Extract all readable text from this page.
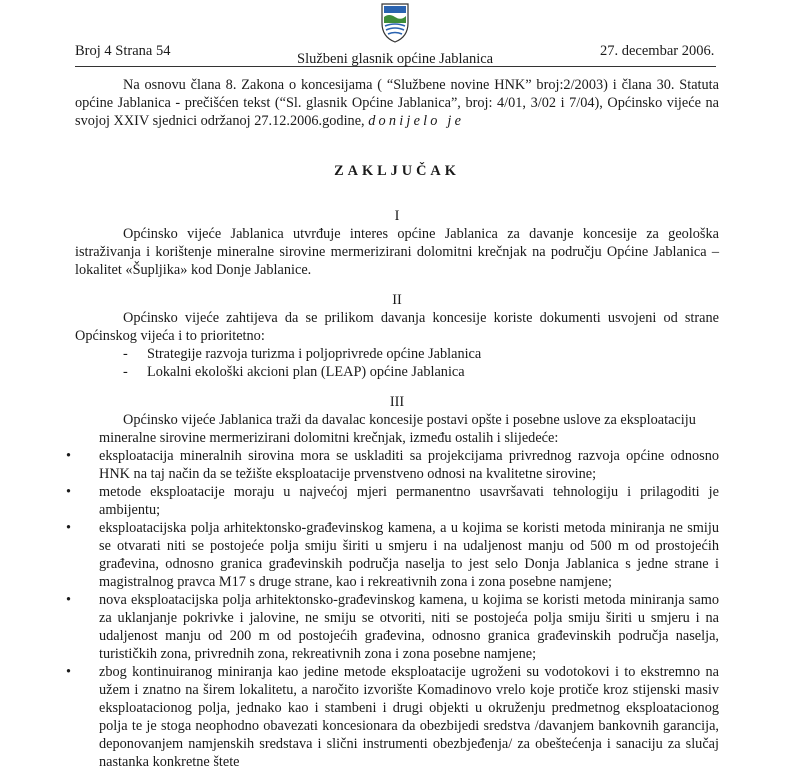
Broj 4 Strana 54	Službeni glasnik općine Jablanica	27. decembar 2006.

Na osnovu člana 8. Zakona o koncesijama ( “Službene novine HNK” broj:2/2003) i člana 30. Statuta općine Jablanica - prečišćen tekst (“Sl. glasnik Općine Jablanica”, broj: 4/01, 3/02 i 7/04), Općinsko vijeće na svojoj XXIV sjednici održanoj 27.12.2006.godine, donijelo je

ZAKLJUČAK

I

Općinsko vijeće Jablanica utvrđuje interes općine Jablanica za davanje koncesije za geološka istraživanja i korištenje mineralne sirovine mermerizirani dolomitni krečnjak na području Općine Jablanica – lokalitet «Šupljika» kod Donje Jablanice.

II

Općinsko vijeće zahtijeva da se prilikom davanja koncesije koriste dokumenti usvojeni od strane Općinskog vijeća i to prioritetno:

- Strategije razvoja turizma i poljoprivrede općine Jablanica
- Lokalni ekološki akcioni plan (LEAP) općine Jablanica

III

Općinsko vijeće Jablanica traži da davalac koncesije postavi opšte i posebne uslove za eksploataciju

mineralne sirovine mermerizirani dolomitni krečnjak, između ostalih i slijedeće:

• eksploatacija mineralnih sirovina mora se uskladiti sa projekcijama privrednog razvoja općine odnosno HNK na taj način da se težište eksploatacije prvenstveno odnosi na kvalitetne sirovine;
• metode eksploatacije moraju u najvećoj mjeri permanentno usavršavati tehnologiju i prilagoditi je ambijentu;
• eksploatacijska polja arhitektonsko-građevinskog kamena, a u kojima se koristi metoda miniranja ne smiju se otvarati niti se postojeće polja smiju širiti u smjeru i na udaljenost manju od 500 m od prostojećih građevina, odnosno granica građevinskih područja naselja to jest selo Donja Jablanica s jedne strane i magistralnog pravca M17 s druge strane, kao i rekreativnih zona i zona posebne namjene;
• nova eksploatacijska polja arhitektonsko-građevinskog kamena, u kojima se koristi metoda miniranja samo za uklanjanje pokrivke i jalovine, ne smiju se otvoriti, niti se postojeća polja smiju širiti u smjeru i na udaljenost manju od 200 m od postojećih građevina, odnosno granica građevinskih područja naselja, turističkih zona, privrednih zona, rekreativnih zona i zona posebne namjene;
• zbog kontinuiranog miniranja kao jedine metode eksploatacije ugroženi su vodotokovi i to ekstremno na užem i znatno na širem lokalitetu, a naročito izvorište Komadinovo vrelo koje protiče kroz stijenski masiv eksploatacionog polja, jednako kao i stambeni i drugi objekti u okruženju predmetnog eksploatacionog polja te je stoga neophodno obavezati koncesionara da obezbijedi sredstva /davanjem bankovnih garancija, deponovanjem namjenskih sredstava i slični instrumenti obezbjeđenja/ za obeštećenja i sanaciju za slučaj nastanka konkretne štete
